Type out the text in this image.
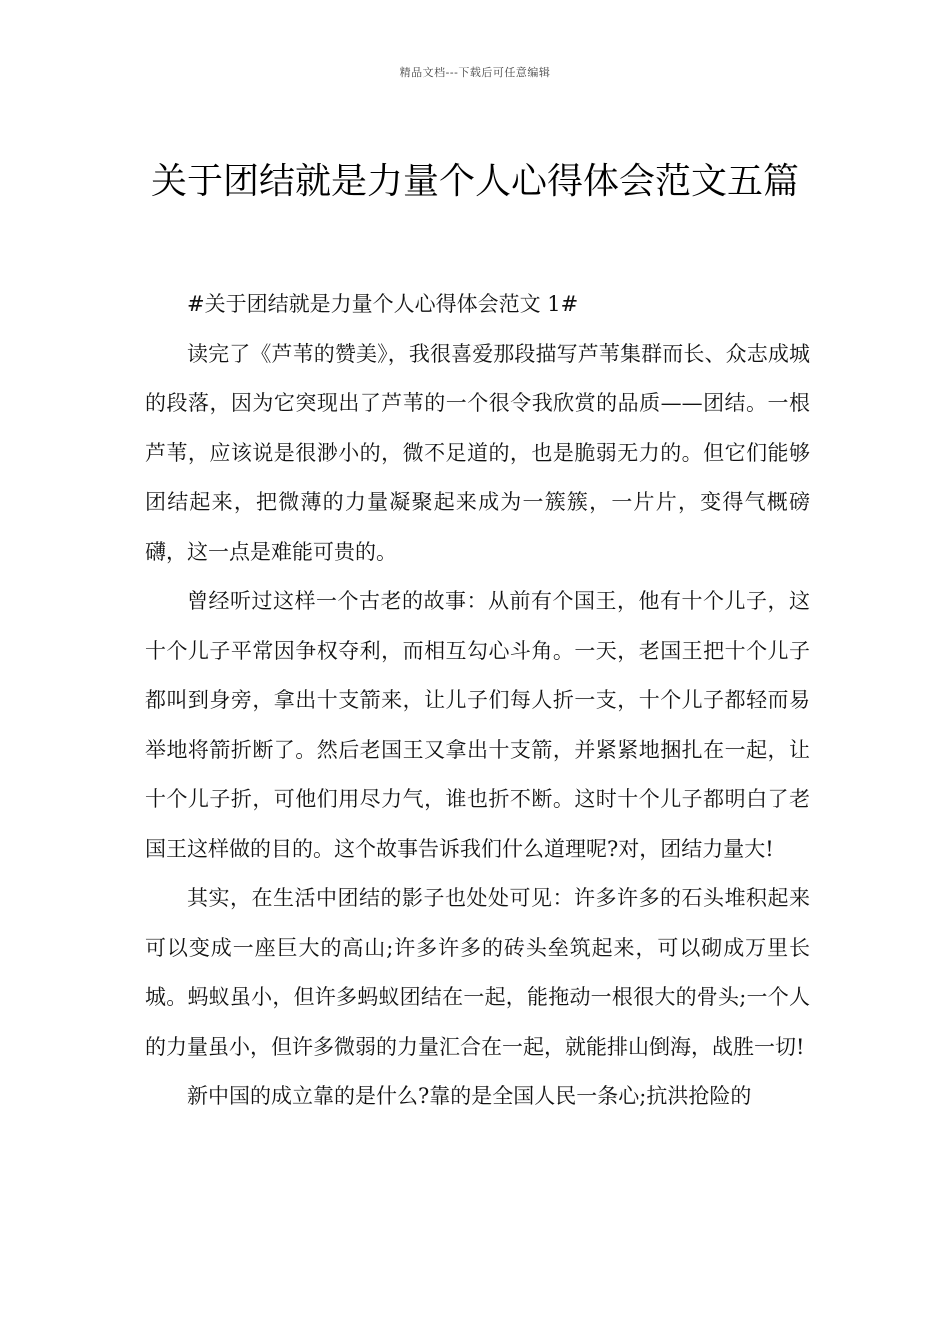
精品文档---下载后可任意编辑
关于团结就是力量个人心得体会范文五篇

#关于团结就是力量个人心得体会范文 1#

读完了《芦苇的赞美》，我很喜爱那段描写芦苇集群而长、众志成城的段落，因为它突现出了芦苇的一个很令我欣赏的品质——团结。一根芦苇，应该说是很渺小的，微不足道的，也是脆弱无力的。但它们能够团结起来，把微薄的力量凝聚起来成为一簇簇，一片片，变得气概磅礴，这一点是难能可贵的。

曾经听过这样一个古老的故事：从前有个国王，他有十个儿子，这十个儿子平常因争权夺利，而相互勾心斗角。一天，老国王把十个儿子都叫到身旁，拿出十支箭来，让儿子们每人折一支，十个儿子都轻而易举地将箭折断了。然后老国王又拿出十支箭，并紧紧地捆扎在一起，让十个儿子折，可他们用尽力气，谁也折不断。这时十个儿子都明白了老国王这样做的目的。这个故事告诉我们什么道理呢?对，团结力量大!

其实，在生活中团结的影子也处处可见：许多许多的石头堆积起来可以变成一座巨大的高山;许多许多的砖头垒筑起来，可以砌成万里长城。蚂蚁虽小，但许多蚂蚁团结在一起，能拖动一根很大的骨头;一个人的力量虽小，但许多微弱的力量汇合在一起，就能排山倒海，战胜一切!

新中国的成立靠的是什么?靠的是全国人民一条心;抗洪抢险的
